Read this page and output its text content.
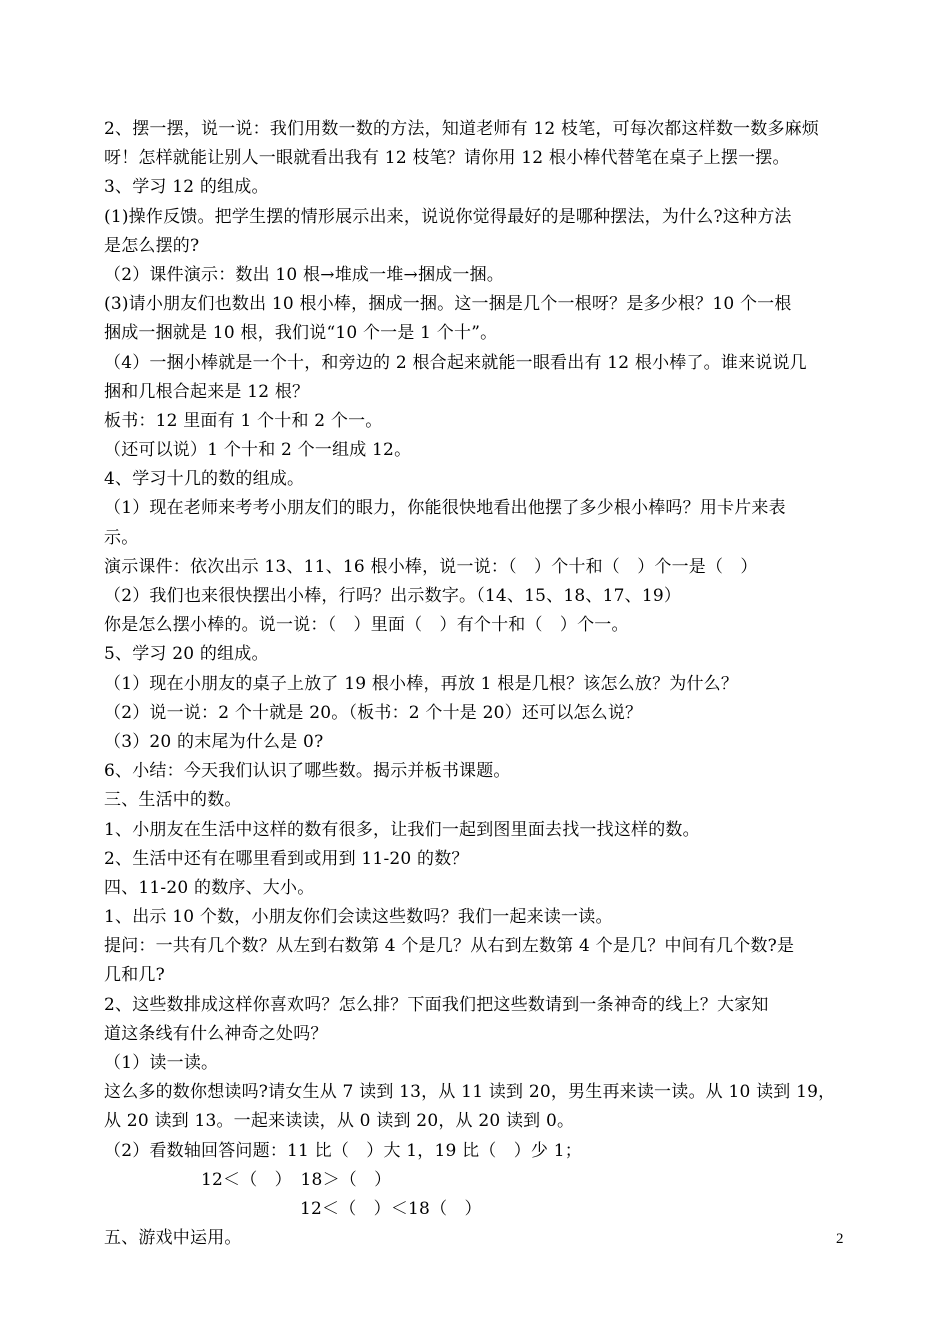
2、摆一摆，说一说：我们用数一数的方法，知道老师有 12 枝笔，可每次都这样数一数多麻烦
呀！怎样就能让别人一眼就看出我有 12 枝笔？请你用 12 根小棒代替笔在桌子上摆一摆。
3、学习 12 的组成。
(1)操作反馈。把学生摆的情形展示出来，说说你觉得最好的是哪种摆法，为什么?这种方法
是怎么摆的?
（2）课件演示：数出 10 根→堆成一堆→捆成一捆。
(3)请小朋友们也数出 10 根小棒，捆成一捆。这一捆是几个一根呀？是多少根？10 个一根
捆成一捆就是 10 根，我们说“10 个一是 1 个十”。
（4）一捆小棒就是一个十，和旁边的 2 根合起来就能一眼看出有 12 根小棒了。谁来说说几
捆和几根合起来是 12 根？
板书：12 里面有 1 个十和 2 个一。
（还可以说）1 个十和 2 个一组成 12。
4、学习十几的数的组成。
（1）现在老师来考考小朋友们的眼力，你能很快地看出他摆了多少根小棒吗？用卡片来表
示。
演示课件：依次出示 13、11、16 根小棒，说一说：（　）个十和（　）个一是（　）
（2）我们也来很快摆出小棒，行吗？出示数字。（14、15、18、17、19）
你是怎么摆小棒的。说一说：（　）里面（　）有个十和（　）个一。
5、学习 20 的组成。
（1）现在小朋友的桌子上放了 19 根小棒，再放 1 根是几根？该怎么放？为什么？
（2）说一说：2 个十就是 20。（板书：2 个十是 20）还可以怎么说？
（3）20 的末尾为什么是 0?
6、小结：今天我们认识了哪些数。揭示并板书课题。
三、生活中的数。
1、小朋友在生活中这样的数有很多，让我们一起到图里面去找一找这样的数。
2、生活中还有在哪里看到或用到 11-20 的数？
四、11-20 的数序、大小。
1、出示 10 个数，小朋友你们会读这些数吗？我们一起来读一读。
提问：一共有几个数？从左到右数第 4 个是几？从右到左数第 4 个是几？中间有几个数?是
几和几?
2、这些数排成这样你喜欢吗？怎么排？下面我们把这些数请到一条神奇的线上？大家知
道这条线有什么神奇之处吗？
（1）读一读。
这么多的数你想读吗?请女生从 7 读到 13，从 11 读到 20，男生再来读一读。从 10 读到 19，
从 20 读到 13。一起来读读，从 0 读到 20，从 20 读到 0。
（2）看数轴回答问题：11 比（　）大 1，19 比（　）少 1；
12＜（　）　18＞（　）
12＜（　）＜18（　）
五、游戏中运用。	2
